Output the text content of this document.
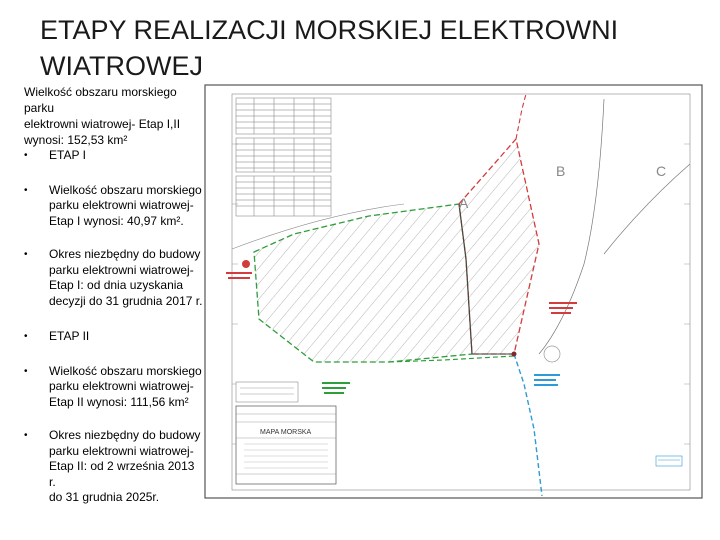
ETAPY REALIZACJI MORSKIEJ ELEKTROWNI
WIATROWEJ
Wielkość obszaru morskiego parku
elektrowni wiatrowej- Etap I,II
wynosi: 152,53 km²
• ETAP I
• Wielkość obszaru morskiego
parku elektrowni wiatrowej-
Etap I wynosi: 40,97 km².
• Okres niezbędny do budowy
parku elektrowni wiatrowej-
Etap I: od dnia uzyskania
decyzji do 31 grudnia 2017 r.
• ETAP II
• Wielkość obszaru morskiego
parku elektrowni wiatrowej-
Etap II wynosi: 111,56 km²
• Okres niezbędny do budowy
parku elektrowni wiatrowej-
Etap II: od 2 września 2013 r.
do 31 grudnia 2025r.
A
B	C
MAPA MORSKA
